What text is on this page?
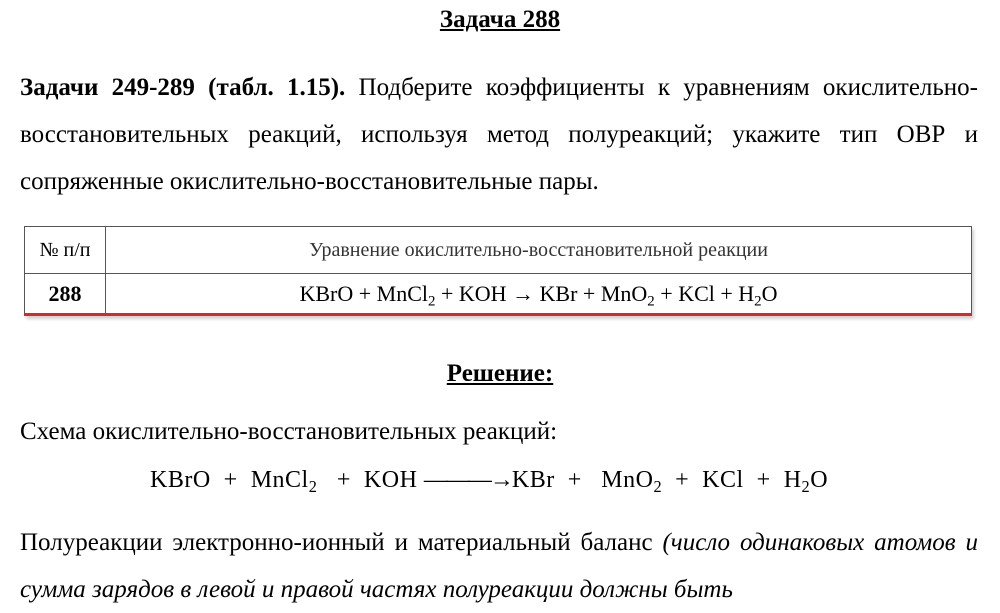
Задача 288
Задачи 249-289 (табл. 1.15). Подберите коэффициенты к уравнениям окислительно-восстановительных реакций, используя метод полуреакций; укажите тип ОВР и сопряженные окислительно-восстановительные пары.
№ п/п	Уравнение окислительно-восстановительной реакции
288	KBrO + MnCl$_2$ + KOH → KBr + MnO$_2$ + KCl + $H_2O$
Решение:
Схема окислительно-восстановительных реакций:
KBrO  +  MnCl$_2$   +  KOH ———→KBr  +   MnO$_2$  +  KCl  +  $H_2O$
Полуреакции электронно-ионный и материальный баланс (число одинаковых атомов и сумма зарядов в левой и правой частях полуреакции должны быть
